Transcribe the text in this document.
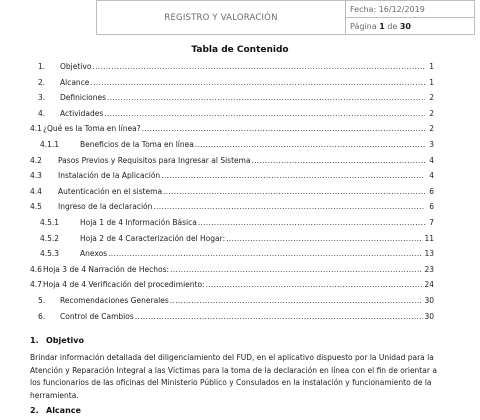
REGISTRO Y VALORACIÓN	Fecha: 16/12/2019
Página 1 de 30
Tabla de Contenido
1.	Objetivo .....	1
2.	Alcance .....	1
3.	Definiciones .....	2
4.	Actividades .....	2
4.1 ¿Qué es la Toma en línea? .....	2
4.1.1	Beneficios de la Toma en línea .....	3
4.2	Pasos Previos y Requisitos para Ingresar al Sistema .....	4
4.3	Instalación de la Aplicación .....	4
4.4	Autenticación en el sistema .....	6
4.5	Ingreso de la declaración .....	6
4.5.1	Hoja 1 de 4 Información Básica .....	7
4.5.2	Hoja 2 de 4 Caracterización del Hogar: .....	11
4.5.3	Anexos .....	13
4.6 Hoja 3 de 4 Narración de Hechos: .....	23
4.7 Hoja 4 de 4 Verificación del procedimiento: .....	24
5.	Recomendaciones Generales .....	30
6.	Control de Cambios .....	30
1. Objetivo
Brindar información detallada del diligenciamiento del FUD, en el aplicativo dispuesto por la Unidad para la Atención y Reparación Integral a las Víctimas para la toma de la declaración en línea con el fin de orientar a los funcionarios de las oficinas del Ministerio Público y Consulados en la instalación y funcionamiento de la herramienta.
2. Alcance
